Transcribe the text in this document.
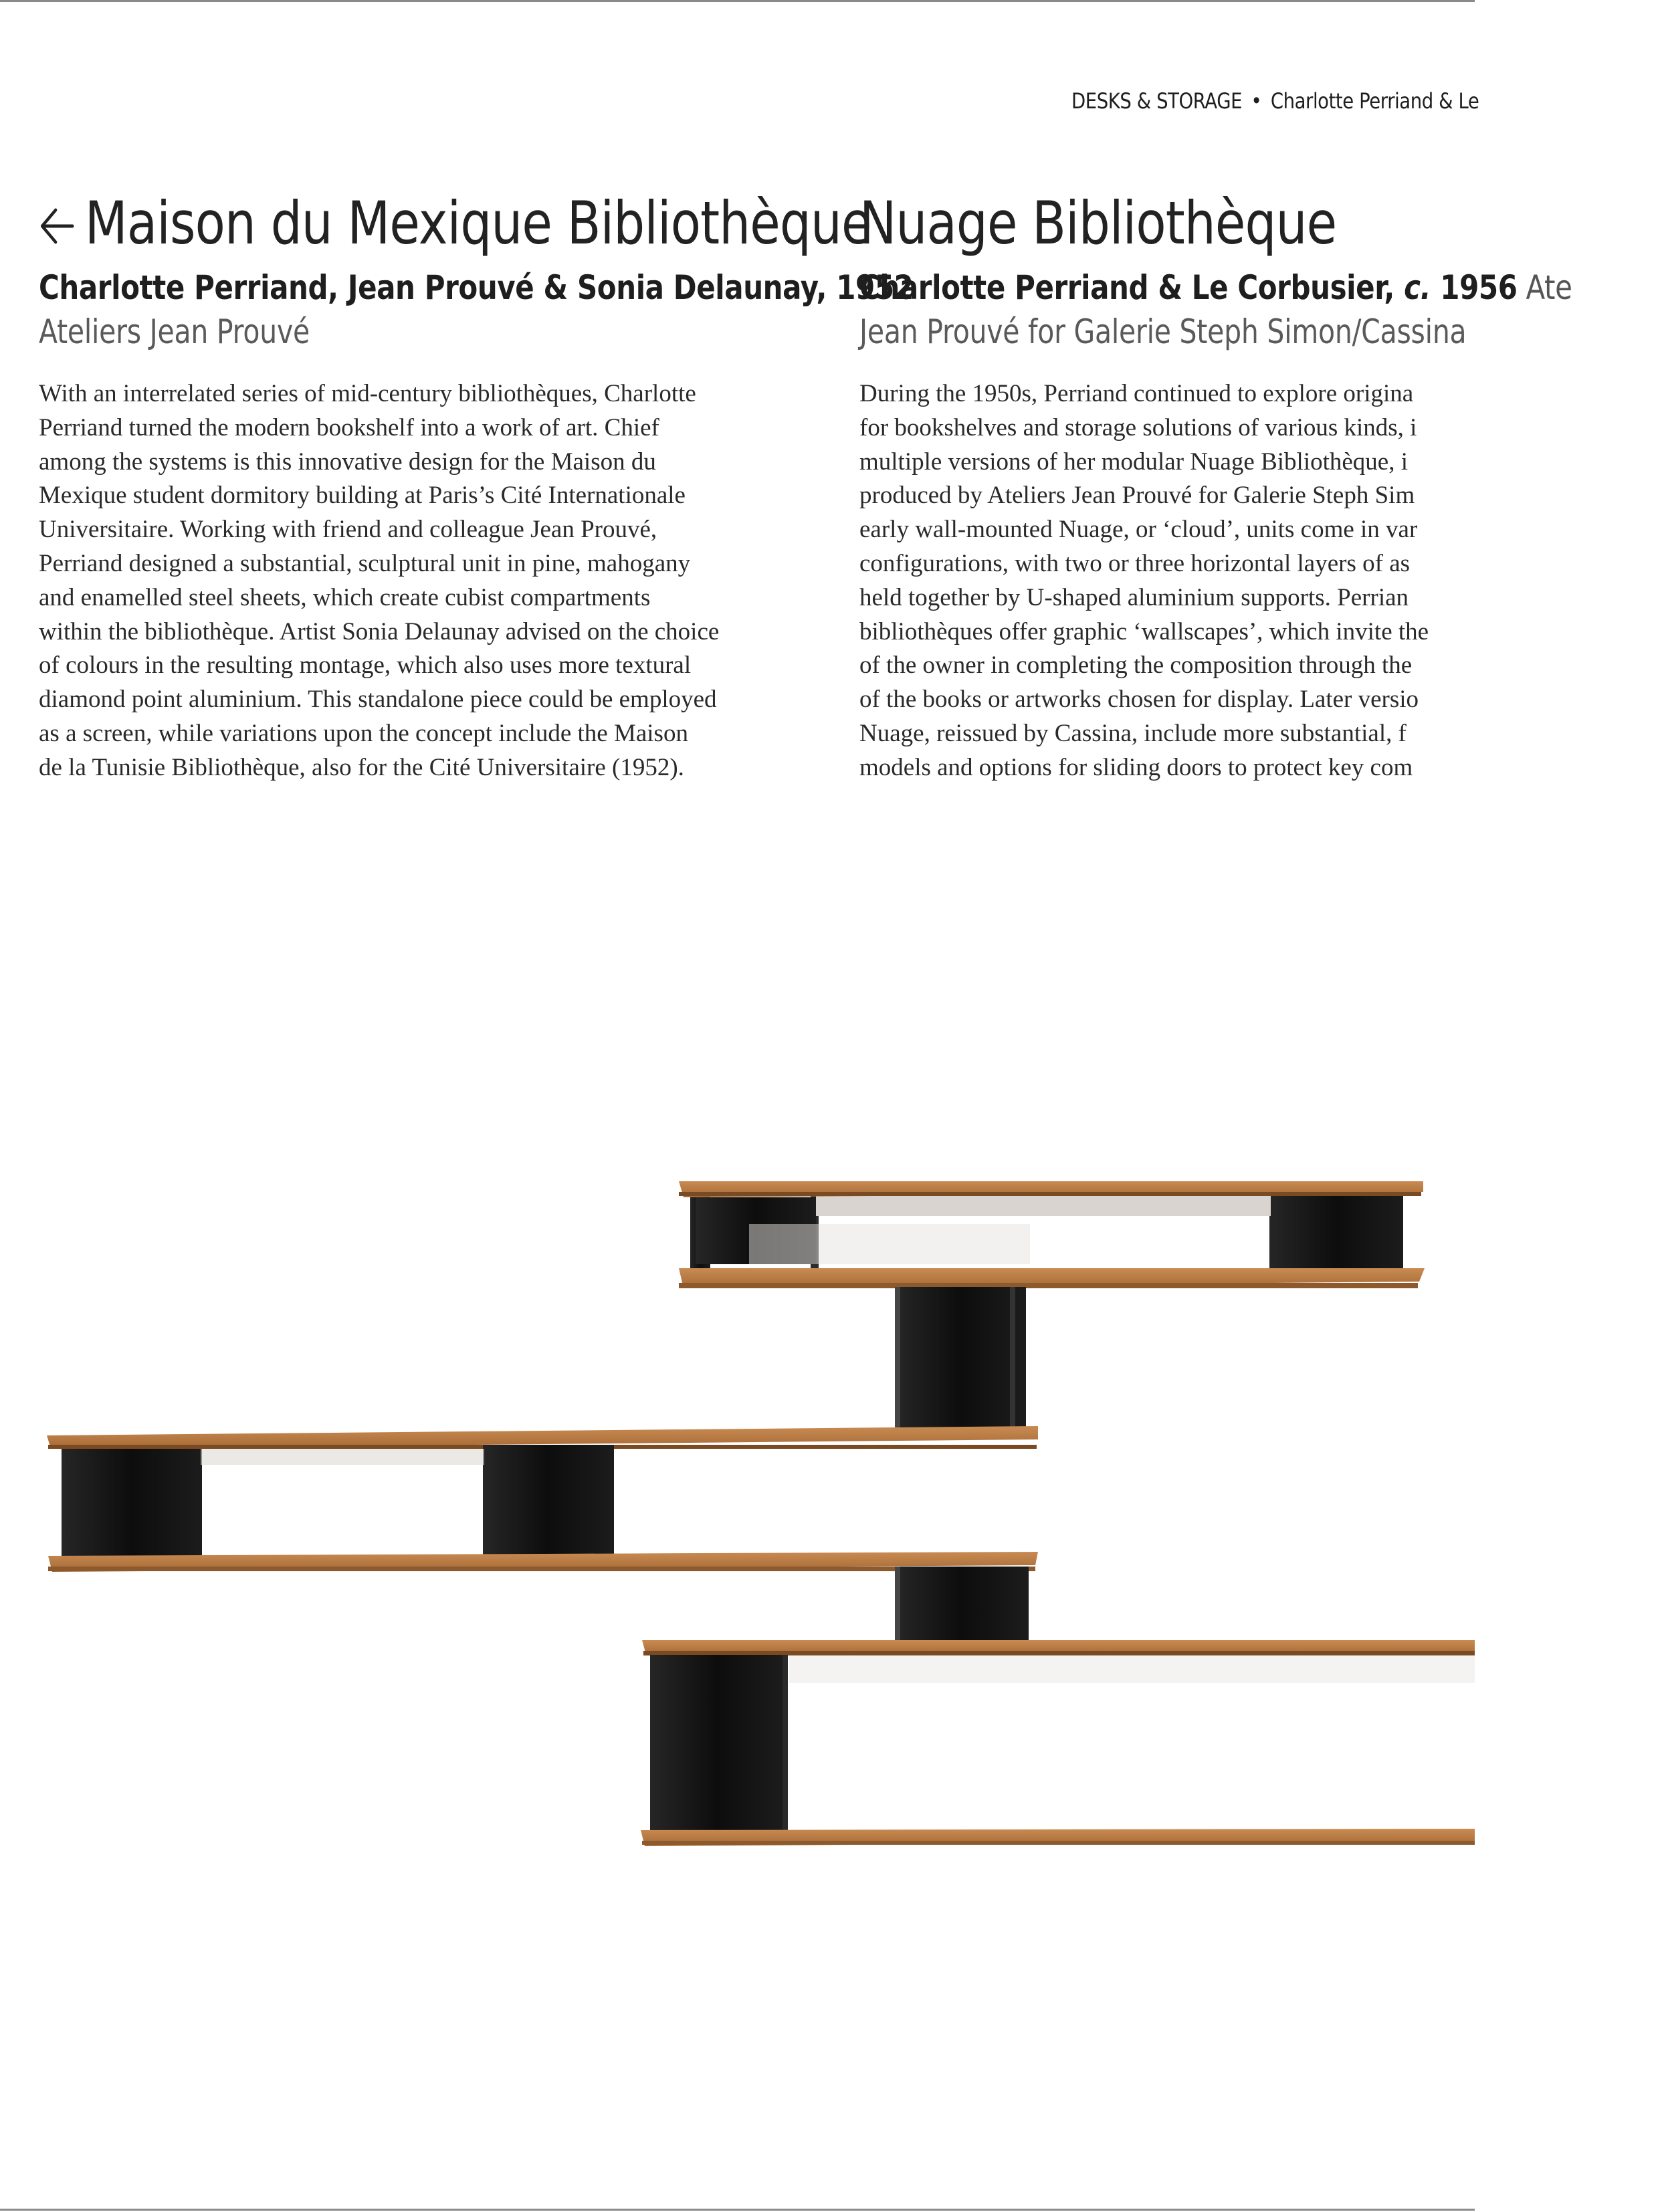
DESKS & STORAGE • Charlotte Perriand & Le
Maison du Mexique Bibliothèque
Charlotte Perriand, Jean Prouvé & Sonia Delaunay, 1952
Ateliers Jean Prouvé
With an interrelated series of mid-century bibliothèques, Charlotte
Perriand turned the modern bookshelf into a work of art. Chief
among the systems is this innovative design for the Maison du
Mexique student dormitory building at Paris’s Cité Internationale
Universitaire. Working with friend and colleague Jean Prouvé,
Perriand designed a substantial, sculptural unit in pine, mahogany
and enamelled steel sheets, which create cubist compartments
within the bibliothèque. Artist Sonia Delaunay advised on the choice
of colours in the resulting montage, which also uses more textural
diamond point aluminium. This standalone piece could be employed
as a screen, while variations upon the concept include the Maison
de la Tunisie Bibliothèque, also for the Cité Universitaire (1952).
Nuage Bibliothèque
Charlotte Perriand & Le Corbusier, c. 1956 Ate
Jean Prouvé for Galerie Steph Simon/Cassina
During the 1950s, Perriand continued to explore origina
for bookshelves and storage solutions of various kinds, i
multiple versions of her modular Nuage Bibliothèque, i
produced by Ateliers Jean Prouvé for Galerie Steph Sim
early wall-mounted Nuage, or ‘cloud’, units come in var
configurations, with two or three horizontal layers of as
held together by U-shaped aluminium supports. Perrian
bibliothèques offer graphic ‘wallscapes’, which invite the
of the owner in completing the composition through the
of the books or artworks chosen for display. Later versio
Nuage, reissued by Cassina, include more substantial, f
models and options for sliding doors to protect key com
